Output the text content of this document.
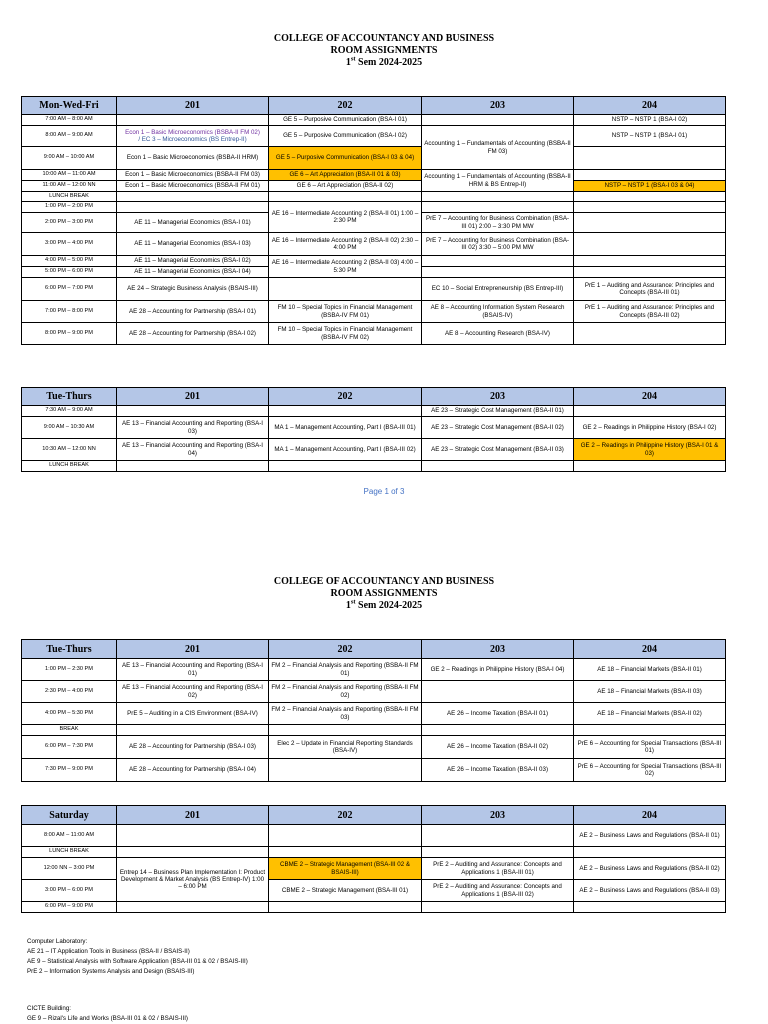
COLLEGE OF ACCOUNTANCY AND BUSINESS
ROOM ASSIGNMENTS
1st Sem 2024-2025
Mon-Wed-Fri	201	202	203	204
7:00 AM – 8:00 AM		GE 5 – Purposive Communication (BSA-I 01)		NSTP – NSTP 1 (BSA-I 02)
8:00 AM – 9:00 AM	Econ 1 – Basic Microeconomics (BSBA-II FM 02)
/ EC 3 – Microeconomics (BS Entrep-II)	GE 5 – Purposive Communication (BSA-I 02)	Accounting 1 – Fundamentals of Accounting (BSBA-II FM 03)	NSTP – NSTP 1 (BSA-I 01)
9:00 AM – 10:00 AM	Econ 1 – Basic Microeconomics (BSBA-II HRM)	GE 5 – Purposive Communication (BSA-I 03 & 04)		
10:00 AM – 11:00 AM	Econ 1 – Basic Microeconomics (BSBA-II FM 03)	GE 6 – Art Appreciation (BSA-II 01 & 03)	Accounting 1 – Fundamentals of Accounting (BSBA-II HRM & BS Entrep-II)	
11:00 AM – 12:00 NN	Econ 1 – Basic Microeconomics (BSBA-II FM 01)	GE 6 – Art Appreciation (BSA-II 02)		NSTP – NSTP 1 (BSA-I 03 & 04)
LUNCH BREAK				
1:00 PM – 2:00 PM		AE 16 – Intermediate Accounting 2 (BSA-II 01) 1:00 – 2:30 PM		
2:00 PM – 3:00 PM	AE 11 – Managerial Economics (BSA-I 01)		PrE 7 – Accounting for Business Combination (BSA-III 01) 2:00 – 3:30 PM MW	
3:00 PM – 4:00 PM	AE 11 – Managerial Economics (BSA-I 03)	AE 16 – Intermediate Accounting 2 (BSA-II 02) 2:30 – 4:00 PM	PrE 7 – Accounting for Business Combination (BSA-III 02) 3:30 – 5:00 PM MW	
4:00 PM – 5:00 PM	AE 11 – Managerial Economics (BSA-I 02)	AE 16 – Intermediate Accounting 2 (BSA-II 03) 4:00 – 5:30 PM		
5:00 PM – 6:00 PM	AE 11 – Managerial Economics (BSA-I 04)			
6:00 PM – 7:00 PM	AE 24 – Strategic Business Analysis (BSAIS-III)		EC 10 – Social Entrepreneurship (BS Entrep-III)	PrE 1 – Auditing and Assurance: Principles and Concepts (BSA-III 01)
7:00 PM – 8:00 PM	AE 28 – Accounting for Partnership (BSA-I 01)	FM 10 – Special Topics in Financial Management (BSBA-IV FM 01)	AE 8 – Accounting Information System Research (BSAIS-IV)	PrE 1 – Auditing and Assurance: Principles and Concepts (BSA-III 02)
8:00 PM – 9:00 PM	AE 28 – Accounting for Partnership (BSA-I 02)	FM 10 – Special Topics in Financial Management (BSBA-IV FM 02)	AE 8 – Accounting Research (BSA-IV)	
Tue-Thurs	201	202	203	204
7:30 AM – 9:00 AM			AE 23 – Strategic Cost Management (BSA-II 01)	
9:00 AM – 10:30 AM	AE 13 – Financial Accounting and Reporting (BSA-I 03)	MA 1 – Management Accounting, Part I (BSA-III 01)	AE 23 – Strategic Cost Management (BSA-II 02)	GE 2 – Readings in Philippine History (BSA-I 02)
10:30 AM – 12:00 NN	AE 13 – Financial Accounting and Reporting (BSA-I 04)	MA 1 – Management Accounting, Part I (BSA-III 02)	AE 23 – Strategic Cost Management (BSA-II 03)	GE 2 – Readings in Philippine History (BSA-I 01 & 03)
LUNCH BREAK				
Page 1 of 3
COLLEGE OF ACCOUNTANCY AND BUSINESS
ROOM ASSIGNMENTS
1st Sem 2024-2025
Tue-Thurs	201	202	203	204
1:00 PM – 2:30 PM	AE 13 – Financial Accounting and Reporting (BSA-I 01)	FM 2 – Financial Analysis and Reporting (BSBA-II FM 01)	GE 2 – Readings in Philippine History (BSA-I 04)	AE 18 – Financial Markets (BSA-II 01)
2:30 PM – 4:00 PM	AE 13 – Financial Accounting and Reporting (BSA-I 02)	FM 2 – Financial Analysis and Reporting (BSBA-II FM 02)		AE 18 – Financial Markets (BSA-II 03)
4:00 PM – 5:30 PM	PrE 5 – Auditing in a CIS Environment (BSA-IV)	FM 2 – Financial Analysis and Reporting (BSBA-II FM 03)	AE 26 – Income Taxation (BSA-II 01)	AE 18 – Financial Markets (BSA-II 02)
BREAK				
6:00 PM – 7:30 PM	AE 28 – Accounting for Partnership (BSA-I 03)	Elec 2 – Update in Financial Reporting Standards (BSA-IV)	AE 26 – Income Taxation (BSA-II 02)	PrE 6 – Accounting for Special Transactions (BSA-III 01)
7:30 PM – 9:00 PM	AE 28 – Accounting for Partnership (BSA-I 04)		AE 26 – Income Taxation (BSA-II 03)	PrE 6 – Accounting for Special Transactions (BSA-III 02)
Saturday	201	202	203	204
8:00 AM – 11:00 AM				AE 2 – Business Laws and Regulations (BSA-II 01)
LUNCH BREAK				
12:00 NN – 3:00 PM	Entrep 14 – Business Plan Implementation I: Product Development & Market Analysis (BS Entrep-IV) 1:00 – 6:00 PM	CBME 2 – Strategic Management (BSA-III 02 & BSAIS-III)	PrE 2 – Auditing and Assurance: Concepts and Applications 1 (BSA-III 01)	AE 2 – Business Laws and Regulations (BSA-II 02)
3:00 PM – 6:00 PM		CBME 2 – Strategic Management (BSA-III 01)	PrE 2 – Auditing and Assurance: Concepts and Applications 1 (BSA-III 02)	AE 2 – Business Laws and Regulations (BSA-II 03)
6:00 PM – 9:00 PM				
Computer Laboratory:
AE 21 – IT Application Tools in Business (BSA-II / BSAIS-II)
AE 9 – Statistical Analysis with Software Application (BSA-III 01 & 02 / BSAIS-III)
PrE 2 – Information Systems Analysis and Design (BSAIS-III)
CICTE Building:
GE 9 – Rizal's Life and Works (BSA-III 01 & 02 / BSAIS-III)
